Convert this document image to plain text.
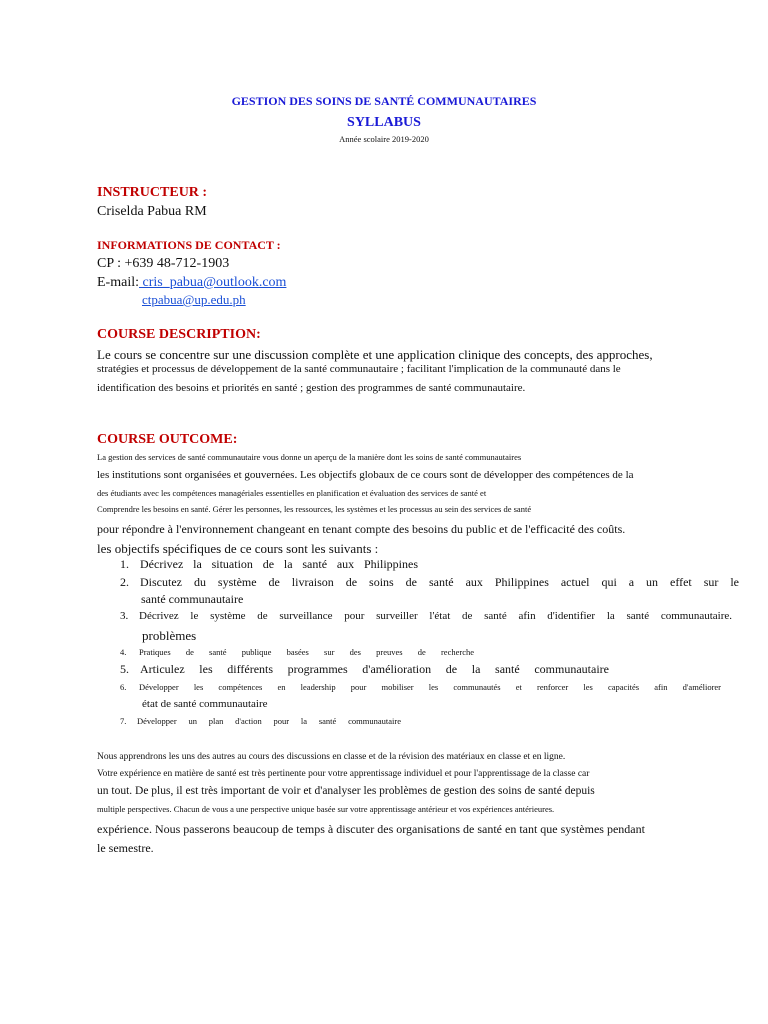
GESTION DES SOINS DE SANTÉ COMMUNAUTAIRES
SYLLABUS
Année scolaire 2019-2020
INSTRUCTEUR :
Criselda Pabua RM
INFORMATIONS DE CONTACT :
CP : +639 48-712-1903
E-mail: cris_pabua@outlook.com
ctpabua@up.edu.ph
COURSE DESCRIPTION:
Le cours se concentre sur une discussion complète et une application clinique des concepts, des approches,
stratégies et processus de développement de la santé communautaire ; facilitant l'implication de la communauté dans le
identification des besoins et priorités en santé ; gestion des programmes de santé communautaire.
COURSE OUTCOME:
La gestion des services de santé communautaire vous donne un aperçu de la manière dont les soins de santé communautaires
les institutions sont organisées et gouvernées. Les objectifs globaux de ce cours sont de développer des compétences de la
des étudiants avec les compétences managériales essentielles en planification et évaluation des services de santé et
Comprendre les besoins en santé. Gérer les personnes, les ressources, les systèmes et les processus au sein des services de santé
pour répondre à l'environnement changeant en tenant compte des besoins du public et de l'efficacité des coûts.
les objectifs spécifiques de ce cours sont les suivants :
1. Décrivez la situation de la santé aux Philippines
2. Discutez du système de livraison de soins de santé aux Philippines actuel qui a un effet sur le
santé communautaire
3. Décrivez le système de surveillance pour surveiller l'état de santé afin d'identifier la santé communautaire.
problèmes
4. Pratiques de santé publique basées sur des preuves de recherche
5. Articulez les différents programmes d'amélioration de la santé communautaire
6. Développer les compétences en leadership pour mobiliser les communautés et renforcer les capacités afin d'améliorer
état de santé communautaire
7. Développer un plan d'action pour la santé communautaire
Nous apprendrons les uns des autres au cours des discussions en classe et de la révision des matériaux en classe et en ligne.
Votre expérience en matière de santé est très pertinente pour votre apprentissage individuel et pour l'apprentissage de la classe car
un tout. De plus, il est très important de voir et d'analyser les problèmes de gestion des soins de santé depuis
multiple perspectives. Chacun de vous a une perspective unique basée sur votre apprentissage antérieur et vos expériences antérieures.
expérience. Nous passerons beaucoup de temps à discuter des organisations de santé en tant que systèmes pendant
le semestre.
